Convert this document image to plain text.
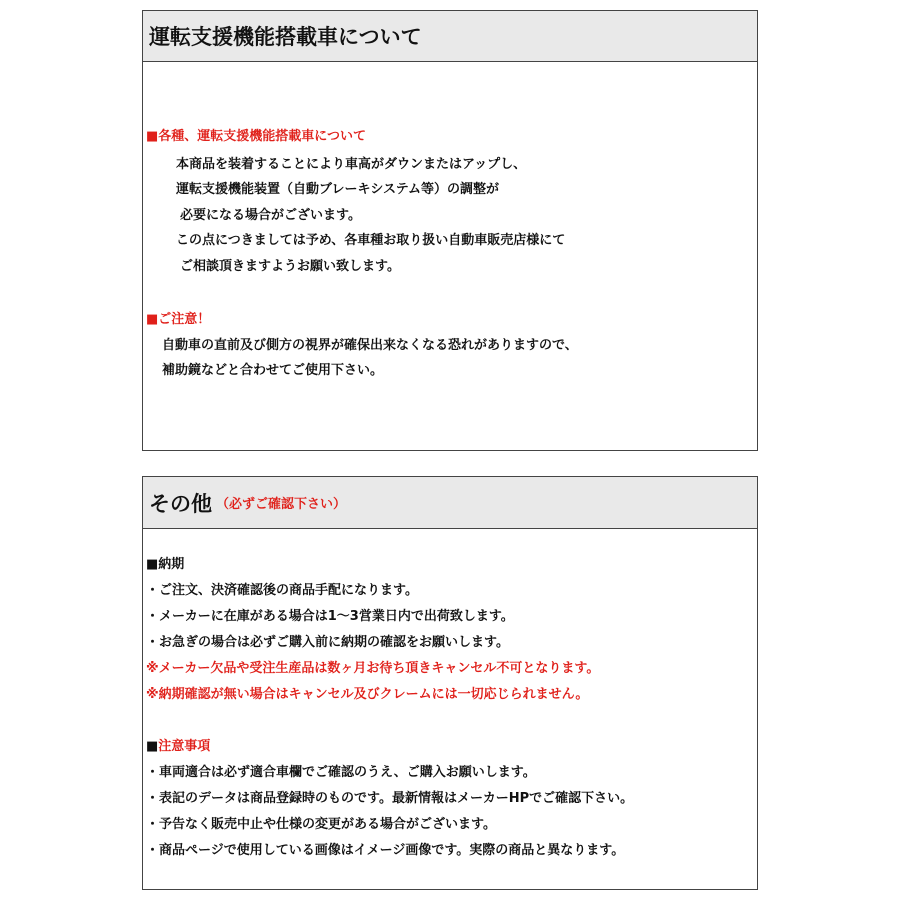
運転支援機能搭載車について
■各種、運転支援機能搭載車について
本商品を装着することにより車高がダウンまたはアップし、
運転支援機能装置（自動ブレーキシステム等）の調整が
必要になる場合がございます。
この点につきましては予め、各車種お取り扱い自動車販売店様にて
ご相談頂きますようお願い致します。
■ご注意！
自動車の直前及び側方の視界が確保出来なくなる恐れがありますので、
補助鏡などと合わせてご使用下さい。
その他 （必ずご確認下さい）
■納期
・ご注文、決済確認後の商品手配になります。
・メーカーに在庫がある場合は1～3営業日内で出荷致します。
・お急ぎの場合は必ずご購入前に納期の確認をお願いします。
※メーカー欠品や受注生産品は数ヶ月お待ち頂きキャンセル不可となります。
※納期確認が無い場合はキャンセル及びクレームには一切応じられません。
■注意事項
・車両適合は必ず適合車欄でご確認のうえ、ご購入お願いします。
・表記のデータは商品登録時のものです。最新情報はメーカーHPでご確認下さい。
・予告なく販売中止や仕様の変更がある場合がございます。
・商品ページで使用している画像はイメージ画像です。実際の商品と異なります。
